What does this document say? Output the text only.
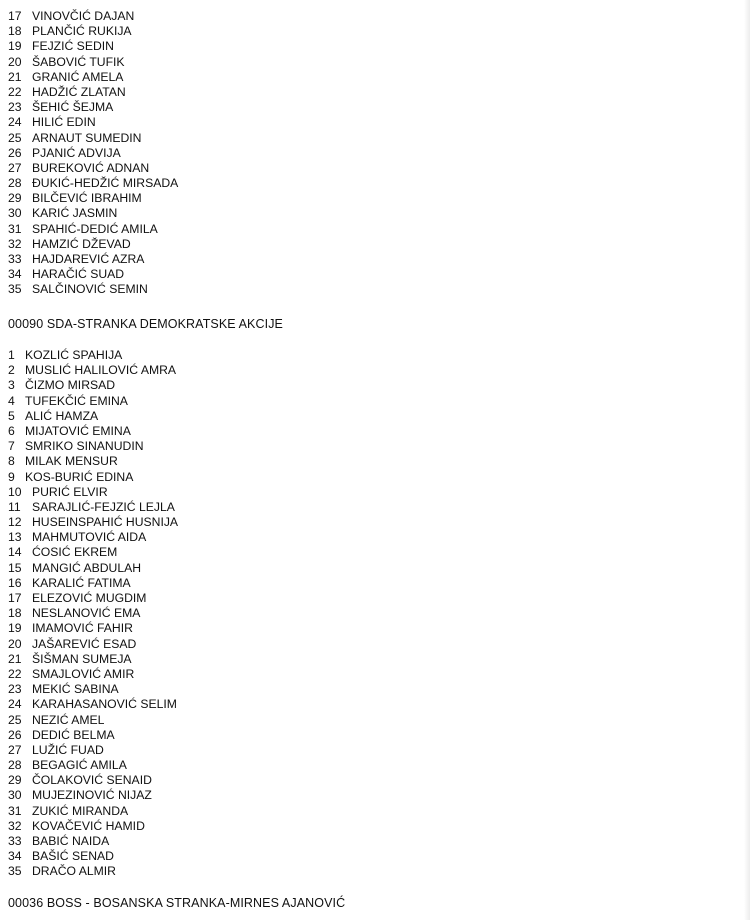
17 VINOVČIĆ DAJAN
18 PLANČIĆ RUKIJA
19 FEJZIĆ SEDIN
20 ŠABOVIĆ TUFIK
21 GRANIĆ AMELA
22 HADŽIĆ ZLATAN
23 ŠEHIĆ ŠEJMA
24 HILIĆ EDIN
25 ARNAUT SUMEDIN
26 PJANIĆ ADVIJA
27 BUREKOVIĆ ADNAN
28 ĐUKIĆ-HEDŽIĆ MIRSADA
29 BILČEVIĆ IBRAHIM
30 KARIĆ JASMIN
31 SPAHIĆ-DEDIĆ AMILA
32 HAMZIĆ DŽEVAD
33 HAJDAREVIĆ AZRA
34 HARAČIĆ SUAD
35 SALČINOVIĆ SEMIN
00090 SDA-STRANKA DEMOKRATSKE AKCIJE
1 KOZLIĆ SPAHIJA
2 MUSLIĆ HALILOVIĆ AMRA
3 ČIZMO MIRSAD
4 TUFEKČIĆ EMINA
5 ALIĆ HAMZA
6 MIJATOVIĆ EMINA
7 SMRIKO SINANUDIN
8 MILAK MENSUR
9 KOS-BURIĆ EDINA
10 PURIĆ ELVIR
11 SARAJLIĆ-FEJZIĆ LEJLA
12 HUSEINSPAHIĆ HUSNIJA
13 MAHMUTOVIĆ AIDA
14 ĆOSIĆ EKREM
15 MANGIĆ ABDULAH
16 KARALIĆ FATIMA
17 ELEZOVIĆ MUGDIM
18 NESLANOVIĆ EMA
19 IMAMOVIĆ FAHIR
20 JAŠAREVIĆ ESAD
21 ŠIŠMAN SUMEJA
22 SMAJLOVIĆ AMIR
23 MEKIĆ SABINA
24 KARAHASANOVIĆ SELIM
25 NEZIĆ AMEL
26 DEDIĆ BELMA
27 LUŽIĆ FUAD
28 BEGAGIĆ AMILA
29 ČOLAKOVIĆ SENAID
30 MUJEZINOVIĆ NIJAZ
31 ZUKIĆ MIRANDA
32 KOVAČEVIĆ HAMID
33 BABIĆ NAIDA
34 BAŠIĆ SENAD
35 DRAČO ALMIR
00036 BOSS - BOSANSKA STRANKA-MIRNES AJANOVIĆ
